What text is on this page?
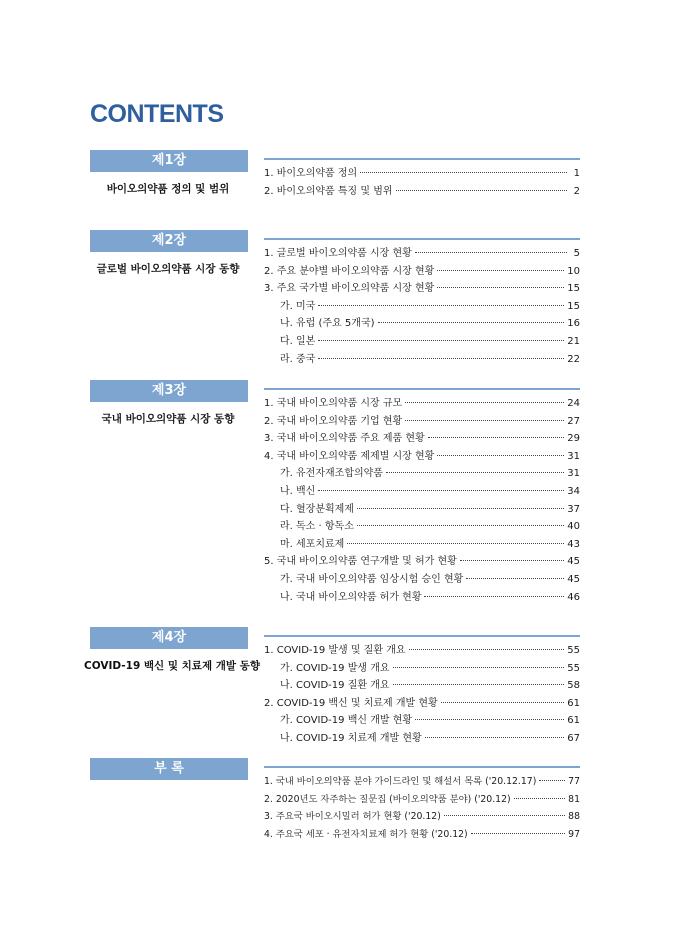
CONTENTS
제1장
바이오의약품 정의 및 범위
1. 바이오의약품 정의	1
2. 바이오의약품 특징 및 범위	2
제2장
글로벌 바이오의약품 시장 동향
1. 글로벌 바이오의약품 시장 현황	5
2. 주요 분야별 바이오의약품 시장 현황	10
3. 주요 국가별 바이오의약품 시장 현황	15
가. 미국	15
나. 유럽 (주요 5개국)	16
다. 일본	21
라. 중국	22
제3장
국내 바이오의약품 시장 동향
1. 국내 바이오의약품 시장 규모	24
2. 국내 바이오의약품 기업 현황	27
3. 국내 바이오의약품 주요 제품 현황	29
4. 국내 바이오의약품 제제별 시장 현황	31
가. 유전자재조합의약품	31
나. 백신	34
다. 혈장분획제제	37
라. 독소 · 항독소	40
마. 세포치료제	43
5. 국내 바이오의약품 연구개발 및 허가 현황	45
가. 국내 바이오의약품 임상시험 승인 현황	45
나. 국내 바이오의약품 허가 현황	46
제4장
COVID-19 백신 및 치료제 개발 동향
1. COVID-19 발생 및 질환 개요	55
가. COVID-19 발생 개요	55
나. COVID-19 질환 개요	58
2. COVID-19 백신 및 치료제 개발 현황	61
가. COVID-19 백신 개발 현황	61
나. COVID-19 치료제 개발 현황	67
부 록
1. 국내 바이오의약품 분야 가이드라인 및 해설서 목록 ('20.12.17)	77
2. 2020년도 자주하는 질문집 (바이오의약품 분야) ('20.12)	81
3. 주요국 바이오시밀러 허가 현황 ('20.12)	88
4. 주요국 세포 · 유전자치료제 허가 현황 ('20.12)	97
